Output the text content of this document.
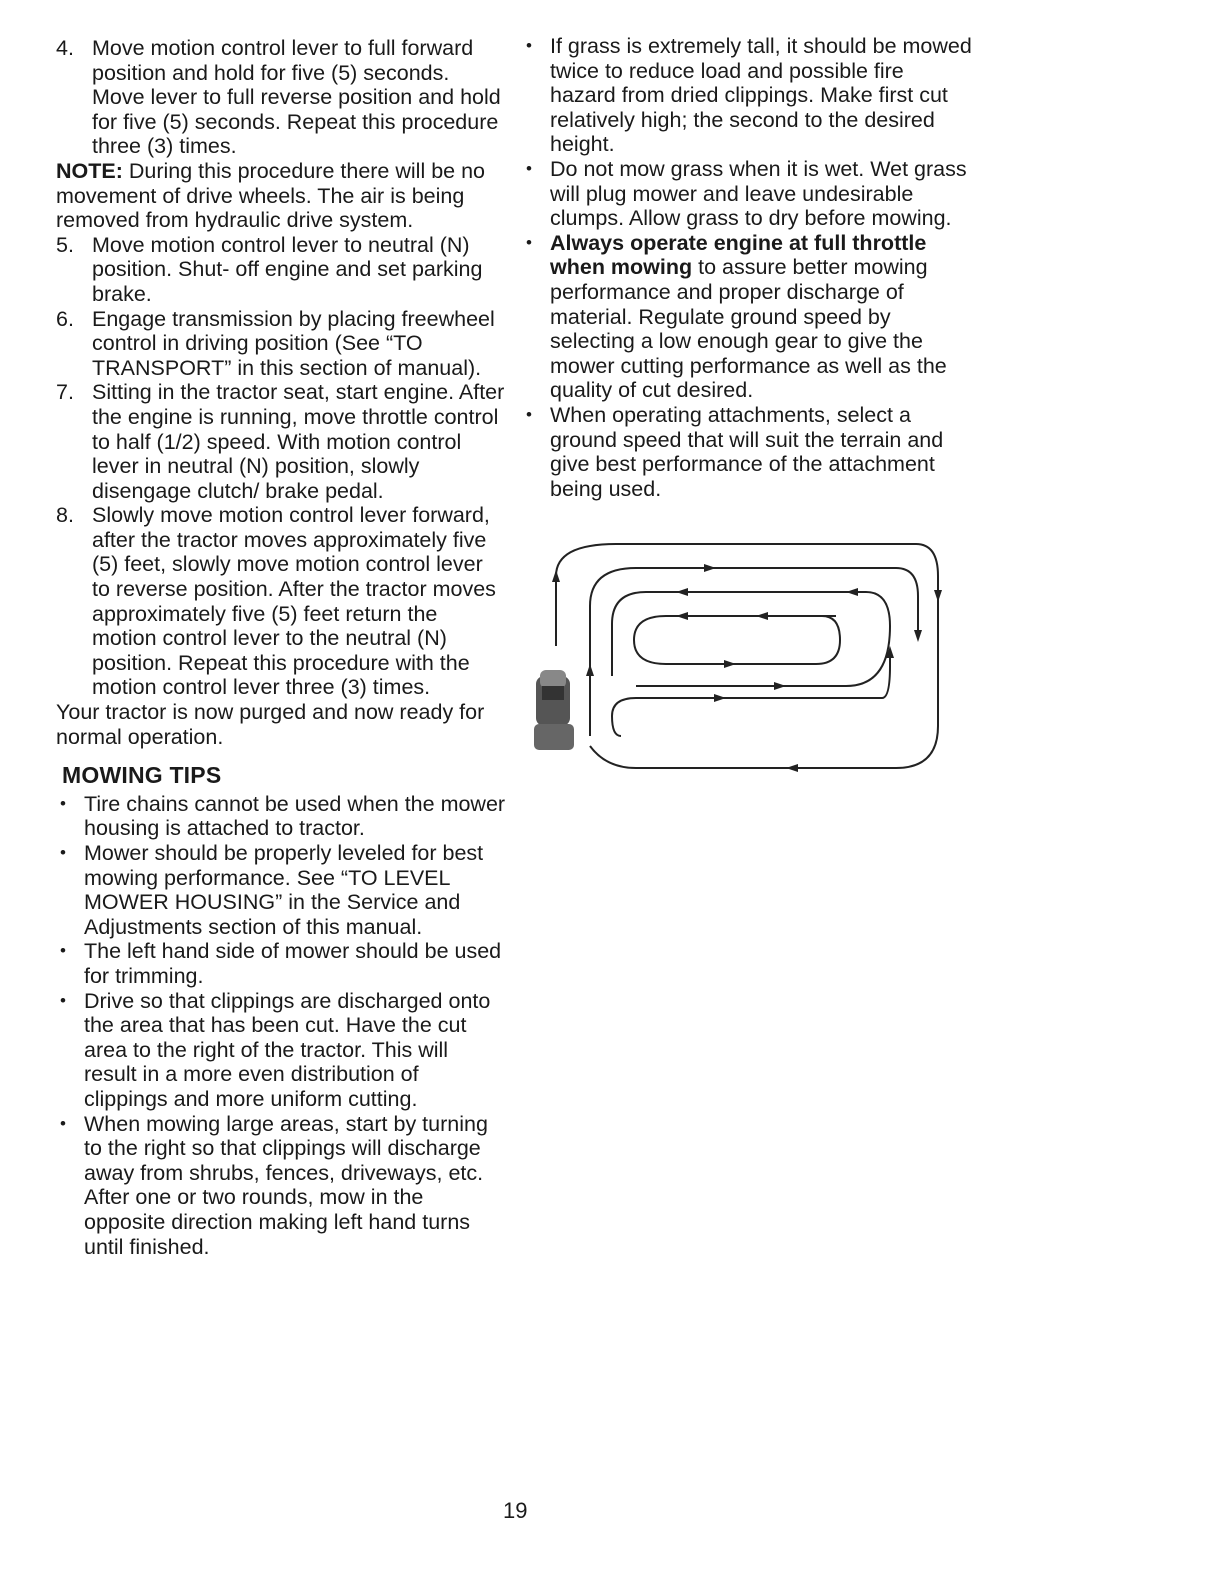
4. Move motion control lever to full forward position and hold for five (5) seconds. Move lever to full reverse position and hold for five (5) seconds. Repeat this procedure three (3) times.

NOTE: During this procedure there will be no movement of drive wheels. The air is being removed from hydraulic drive system.

5. Move motion control lever to neutral (N) position. Shut- off engine and set parking brake.
6. Engage transmission by placing freewheel control in driving position (See “TO TRANSPORT” in this section of manual).
7. Sitting in the tractor seat, start engine. After the engine is running, move throttle control to half (1/2) speed. With motion control lever in neutral (N) position, slowly disengage clutch/ brake pedal.
8. Slowly move motion control lever forward, after the tractor moves approximately five (5) feet, slowly move motion control lever to reverse position. After the tractor moves approximately five (5) feet return the motion control lever to the neutral (N) position. Repeat this procedure with the motion control lever three (3) times.

Your tractor is now purged and now ready for normal operation.

MOWING TIPS
• Tire chains cannot be used when the mower housing is attached to tractor.
• Mower should be properly leveled for best mowing performance. See “TO LEVEL MOWER HOUSING” in the Service and Adjustments section of this manual.
• The left hand side of mower should be used for trimming.
• Drive so that clippings are discharged onto the area that has been cut. Have the cut area to the right of the tractor. This will result in a more even distribution of clippings and more uniform cutting.
• When mowing large areas, start by turning to the right so that clippings will discharge away from shrubs, fences, driveways, etc. After one or two rounds, mow in the opposite direction making left hand turns until finished.
• If grass is extremely tall, it should be mowed twice to reduce load and possible fire hazard from dried clippings. Make first cut relatively high; the second to the desired height.
• Do not mow grass when it is wet. Wet grass will plug mower and leave undesirable clumps. Allow grass to dry before mowing.
• Always operate engine at full throttle when mowing to assure better mowing performance and proper discharge of material. Regulate ground speed by selecting a low enough gear to give the mower cutting performance as well as the quality of cut desired.
• When operating attachments, select a ground speed that will suit the terrain and give best performance of the attachment being used.
19
